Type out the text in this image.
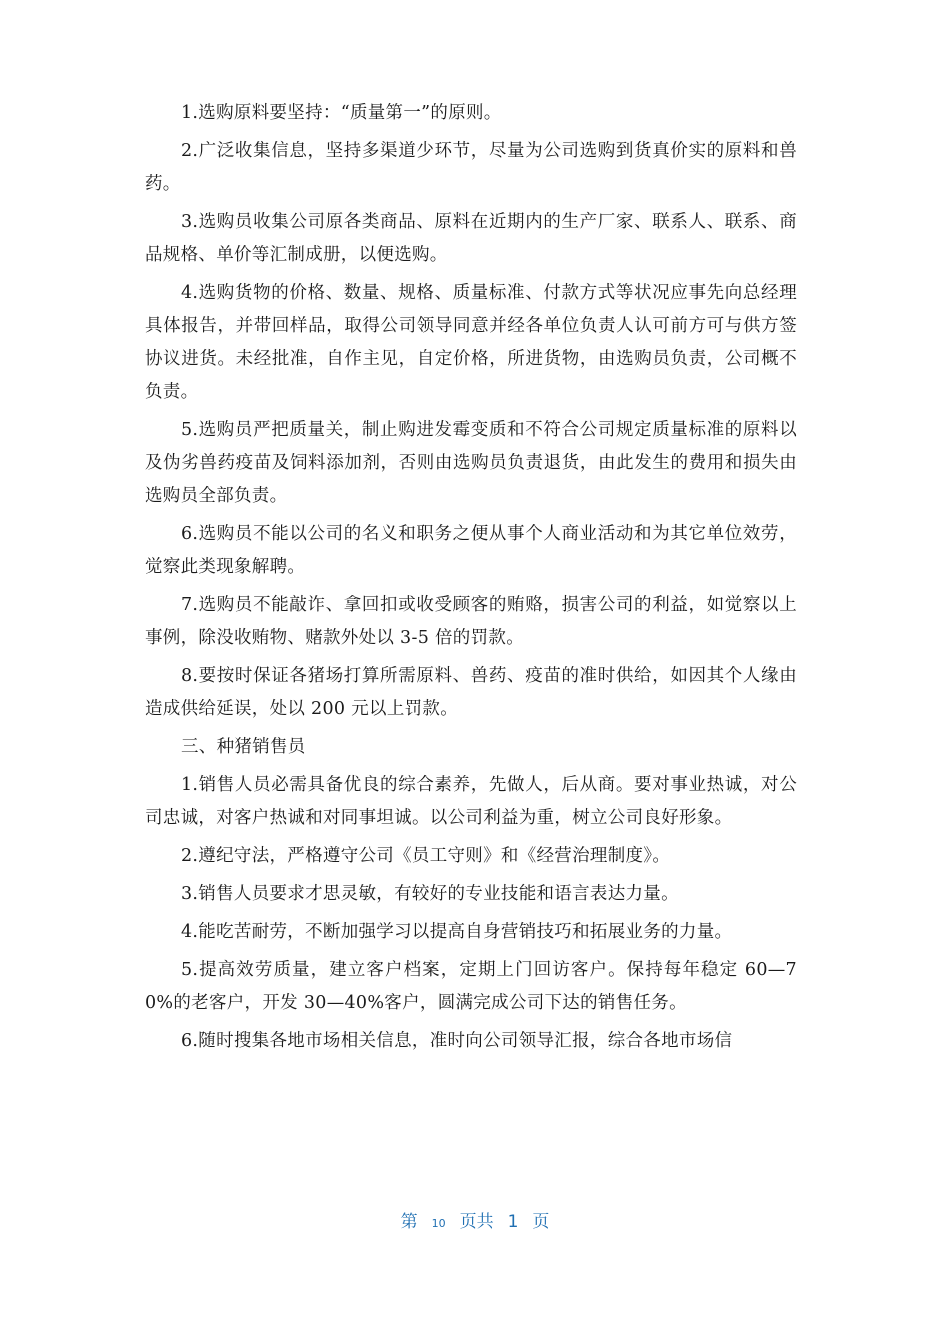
1.选购原料要坚持：“质量第一”的原则。

2.广泛收集信息，坚持多渠道少环节，尽量为公司选购到货真价实的原料和兽药。

3.选购员收集公司原各类商品、原料在近期内的生产厂家、联系人、联系、商品规格、单价等汇制成册，以便选购。

4.选购货物的价格、数量、规格、质量标准、付款方式等状况应事先向总经理具体报告，并带回样品，取得公司领导同意并经各单位负责人认可前方可与供方签协议进货。未经批准，自作主见，自定价格，所进货物，由选购员负责，公司概不负责。

5.选购员严把质量关，制止购进发霉变质和不符合公司规定质量标准的原料以及伪劣兽药疫苗及饲料添加剂，否则由选购员负责退货，由此发生的费用和损失由选购员全部负责。

6.选购员不能以公司的名义和职务之便从事个人商业活动和为其它单位效劳，觉察此类现象解聘。

7.选购员不能敲诈、拿回扣或收受顾客的贿赂，损害公司的利益，如觉察以上事例，除没收贿物、赌款外处以 3-5 倍的罚款。

8.要按时保证各猪场打算所需原料、兽药、疫苗的准时供给，如因其个人缘由造成供给延误，处以 200 元以上罚款。

三、种猪销售员

1.销售人员必需具备优良的综合素养，先做人，后从商。要对事业热诚，对公司忠诚，对客户热诚和对同事坦诚。以公司利益为重，树立公司良好形象。

2.遵纪守法，严格遵守公司《员工守则》和《经营治理制度》。

3.销售人员要求才思灵敏，有较好的专业技能和语言表达力量。

4.能吃苦耐劳，不断加强学习以提高自身营销技巧和拓展业务的力量。

5.提高效劳质量，建立客户档案，定期上门回访客户。保持每年稳定 60—70%的老客户，开发 30—40%客户，圆满完成公司下达的销售任务。

6.随时搜集各地市场相关信息，准时向公司领导汇报，综合各地市场信

第 10 页共 1 页
